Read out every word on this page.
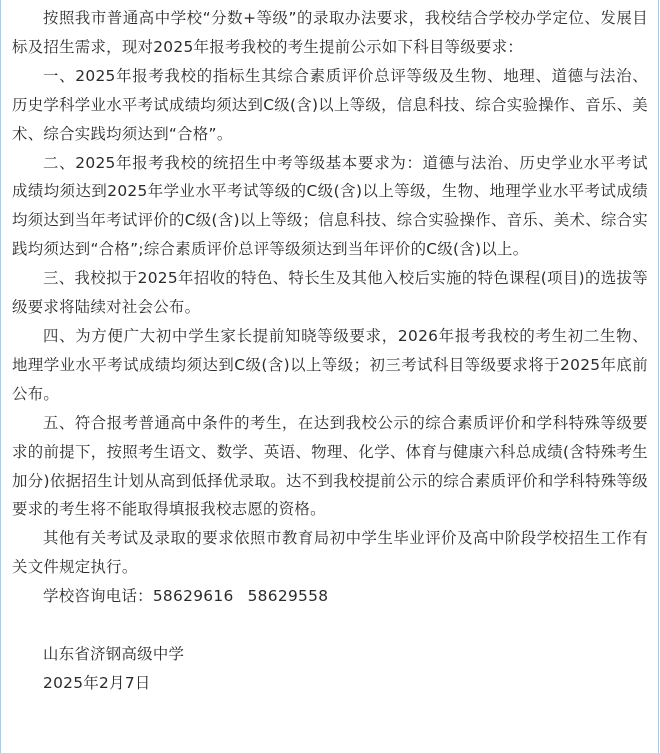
按照我市普通高中学校“分数+等级”的录取办法要求，我校结合学校办学定位、发展目标及招生需求，现对2025年报考我校的考生提前公示如下科目等级要求：

一、2025年报考我校的指标生其综合素质评价总评等级及生物、地理、道德与法治、历史学科学业水平考试成绩均须达到C级(含)以上等级，信息科技、综合实验操作、音乐、美术、综合实践均须达到“合格”。

二、2025年报考我校的统招生中考等级基本要求为：道德与法治、历史学业水平考试成绩均须达到2025年学业水平考试等级的C级(含)以上等级，生物、地理学业水平考试成绩均须达到当年考试评价的C级(含)以上等级；信息科技、综合实验操作、音乐、美术、综合实践均须达到“合格”;综合素质评价总评等级须达到当年评价的C级(含)以上。

三、我校拟于2025年招收的特色、特长生及其他入校后实施的特色课程(项目)的选拔等级要求将陆续对社会公布。

四、为方便广大初中学生家长提前知晓等级要求，2026年报考我校的考生初二生物、地理学业水平考试成绩均须达到C级(含)以上等级；初三考试科目等级要求将于2025年底前公布。

五、符合报考普通高中条件的考生，在达到我校公示的综合素质评价和学科特殊等级要求的前提下，按照考生语文、数学、英语、物理、化学、体育与健康六科总成绩(含特殊考生加分)依据招生计划从高到低择优录取。达不到我校提前公示的综合素质评价和学科特殊等级要求的考生将不能取得填报我校志愿的资格。

其他有关考试及录取的要求依照市教育局初中学生毕业评价及高中阶段学校招生工作有关文件规定执行。

学校咨询电话：58629616 58629558

山东省济钢高级中学

2025年2月7日
